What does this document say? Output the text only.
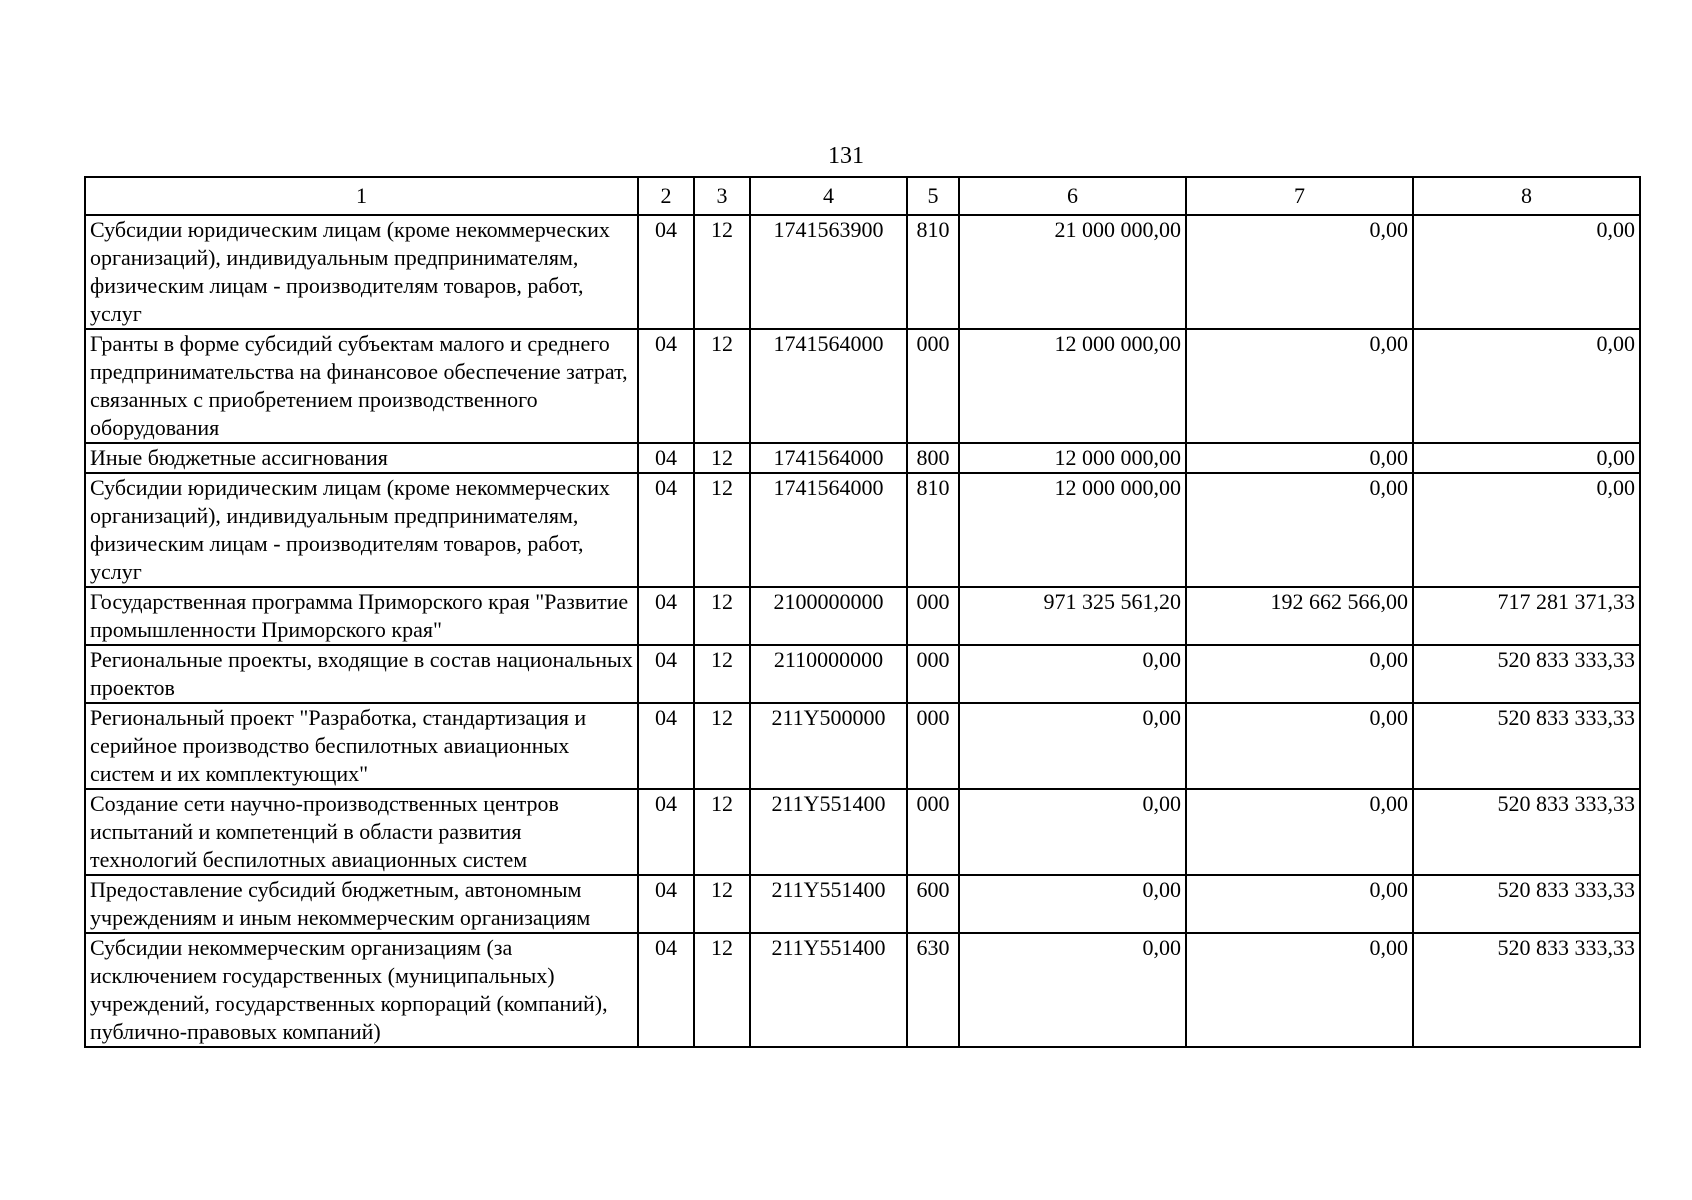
131
1	2	3	4	5	6	7	8
Субсидии юридическим лицам (кроме некоммерческих организаций), индивидуальным предпринимателям, физическим лицам - производителям товаров, работ, услуг	04	12	1741563900	810	21 000 000,00	0,00	0,00
Гранты в форме субсидий субъектам малого и среднего предпринимательства на финансовое обеспечение затрат, связанных с приобретением производственного оборудования	04	12	1741564000	000	12 000 000,00	0,00	0,00
Иные бюджетные ассигнования	04	12	1741564000	800	12 000 000,00	0,00	0,00
Субсидии юридическим лицам (кроме некоммерческих организаций), индивидуальным предпринимателям, физическим лицам - производителям товаров, работ, услуг	04	12	1741564000	810	12 000 000,00	0,00	0,00
Государственная программа Приморского края "Развитие промышленности Приморского края"	04	12	2100000000	000	971 325 561,20	192 662 566,00	717 281 371,33
Региональные проекты, входящие в состав национальных проектов	04	12	2110000000	000	0,00	0,00	520 833 333,33
Региональный проект "Разработка, стандартизация и серийное производство беспилотных авиационных систем и их комплектующих"	04	12	211Y500000	000	0,00	0,00	520 833 333,33
Создание сети научно-производственных центров испытаний и компетенций в области развития технологий беспилотных авиационных систем	04	12	211Y551400	000	0,00	0,00	520 833 333,33
Предоставление субсидий бюджетным, автономным учреждениям и иным некоммерческим организациям	04	12	211Y551400	600	0,00	0,00	520 833 333,33
Субсидии некоммерческим организациям (за исключением государственных (муниципальных) учреждений, государственных корпораций (компаний), публично-правовых компаний)	04	12	211Y551400	630	0,00	0,00	520 833 333,33
